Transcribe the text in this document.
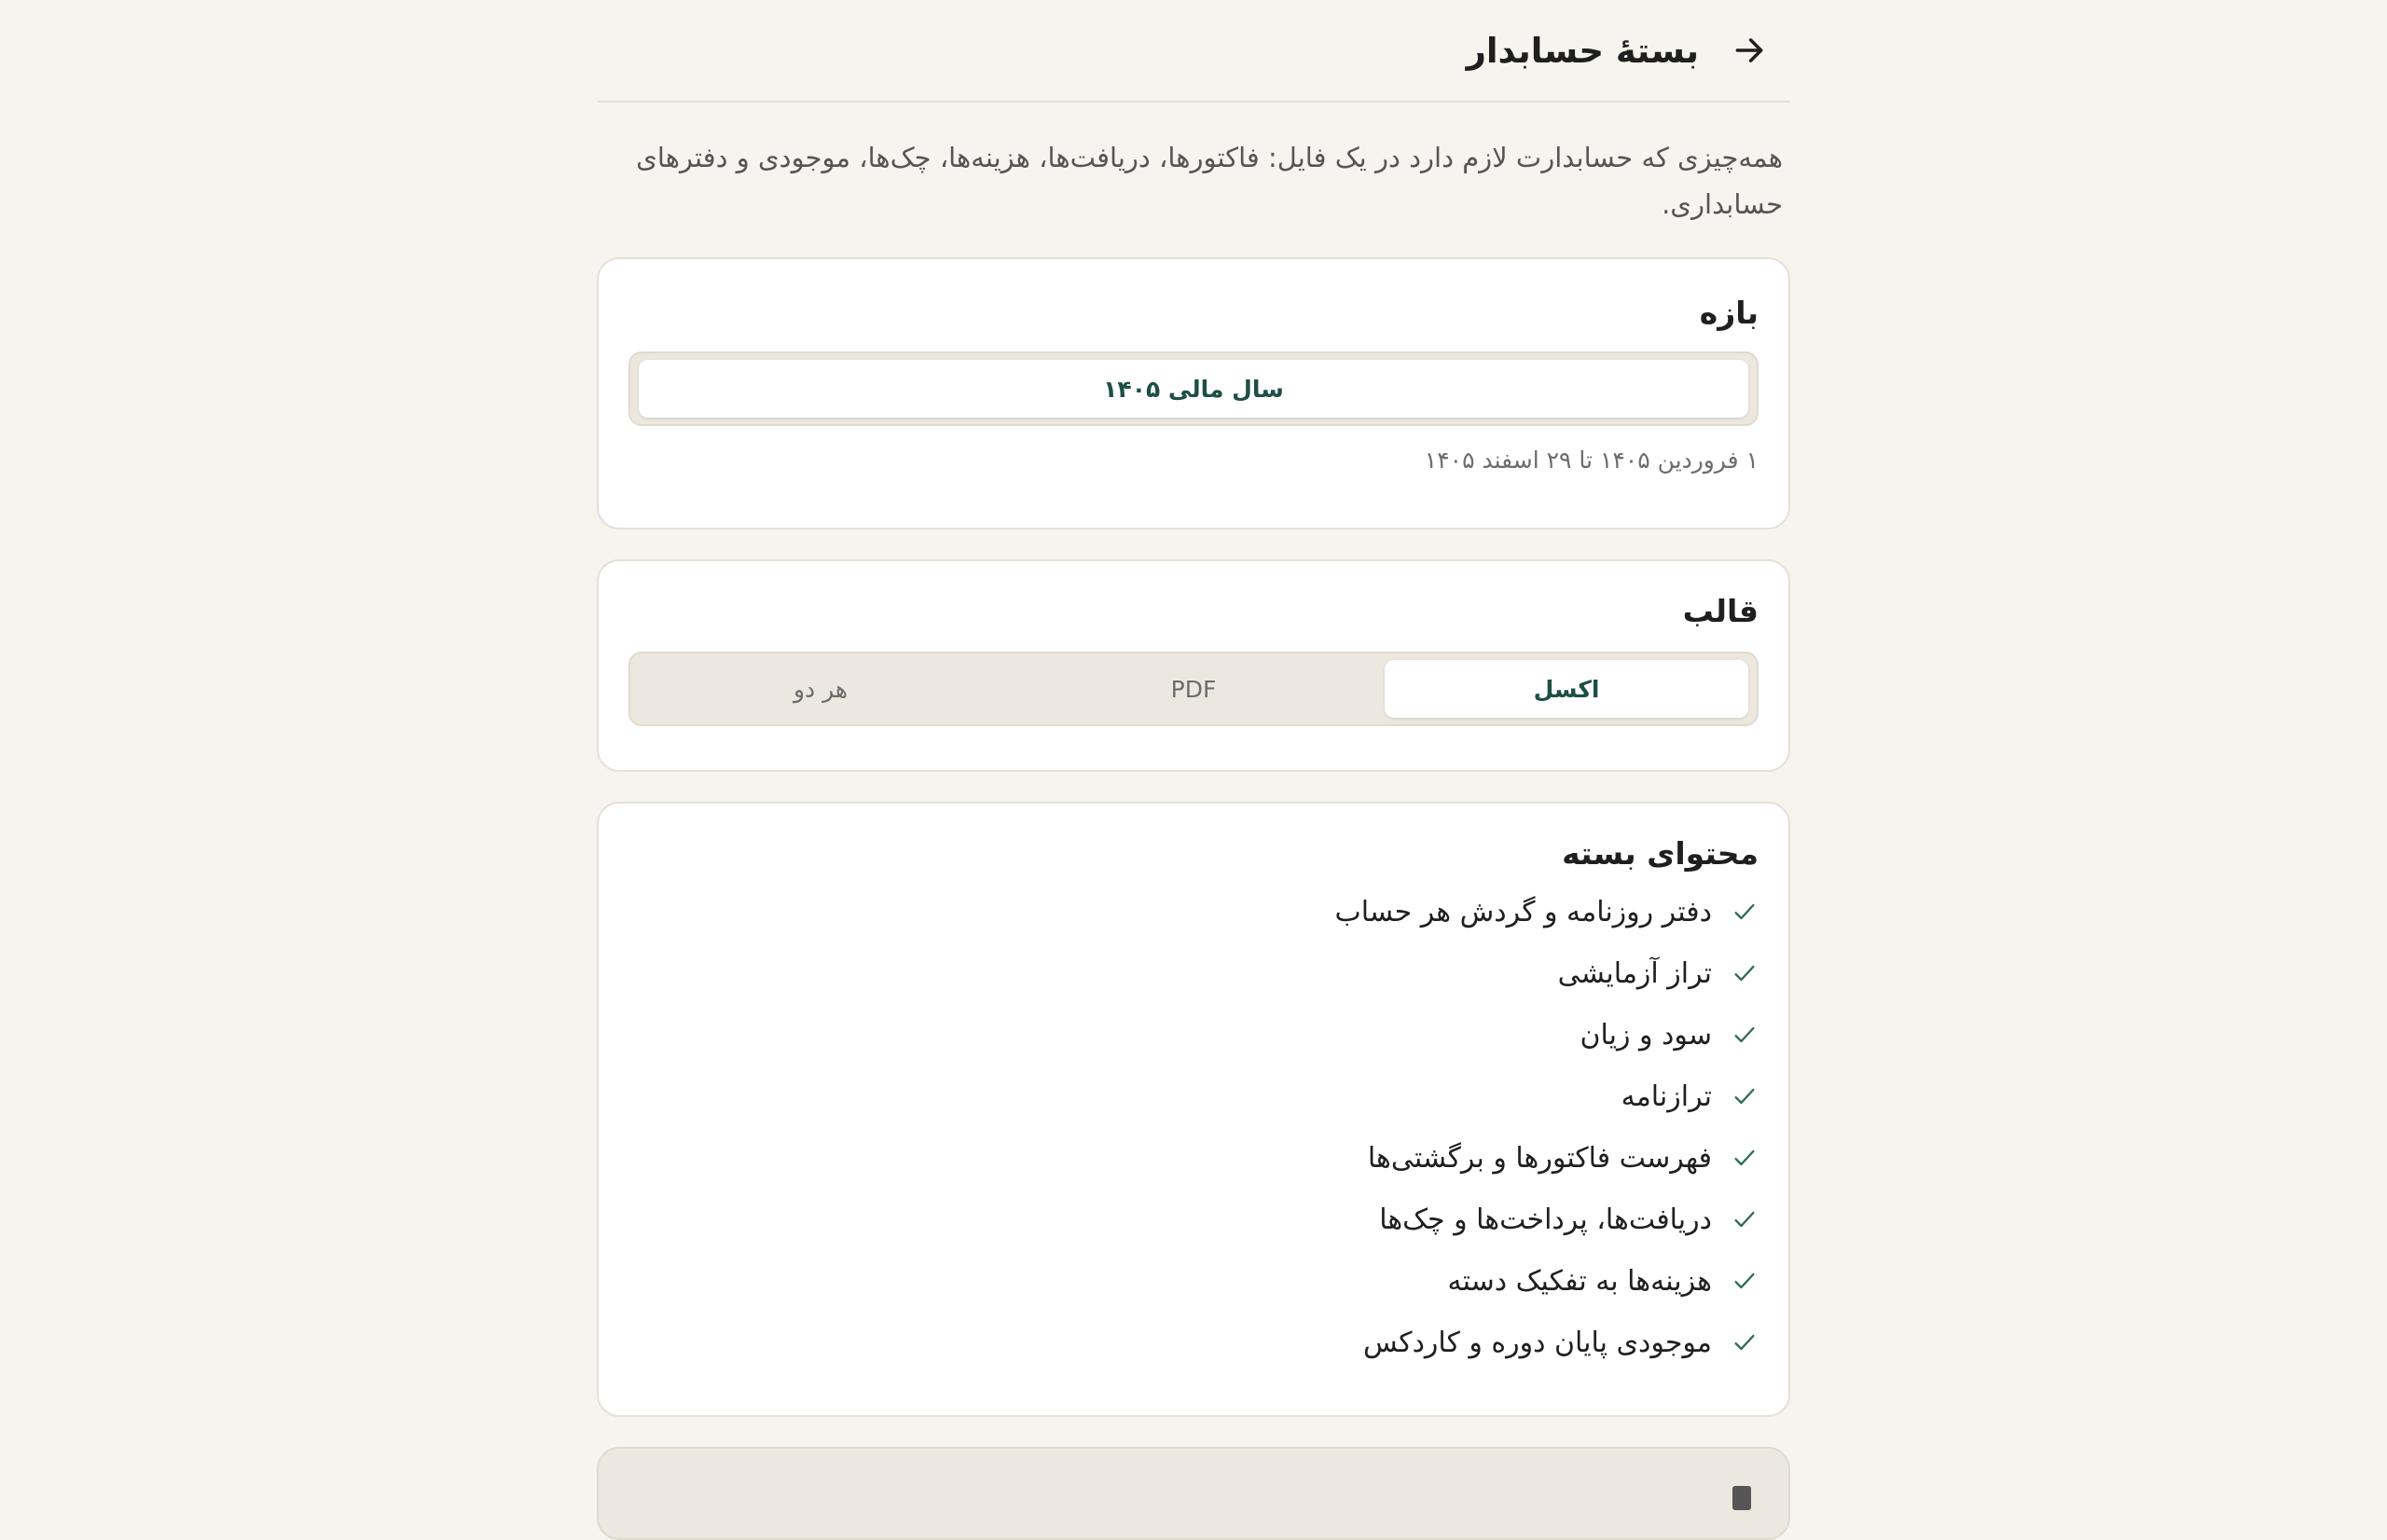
بستهٔ حسابدار
همه‌چیزی که حسابدارت لازم دارد در یک فایل: فاکتورها، دریافت‌ها، هزینه‌ها، چک‌ها، موجودی و دفترهای حسابداری.
بازه
سال مالی ۱۴۰۵
۱ فروردین ۱۴۰۵ تا ۲۹ اسفند ۱۴۰۵
قالب
اکسل
PDF
هر دو
محتوای بسته
دفتر روزنامه و گردش هر حساب
تراز آزمایشی
سود و زیان
ترازنامه
فهرست فاکتورها و برگشتی‌ها
دریافت‌ها، پرداخت‌ها و چک‌ها
هزینه‌ها به تفکیک دسته
موجودی پایان دوره و کاردکس
